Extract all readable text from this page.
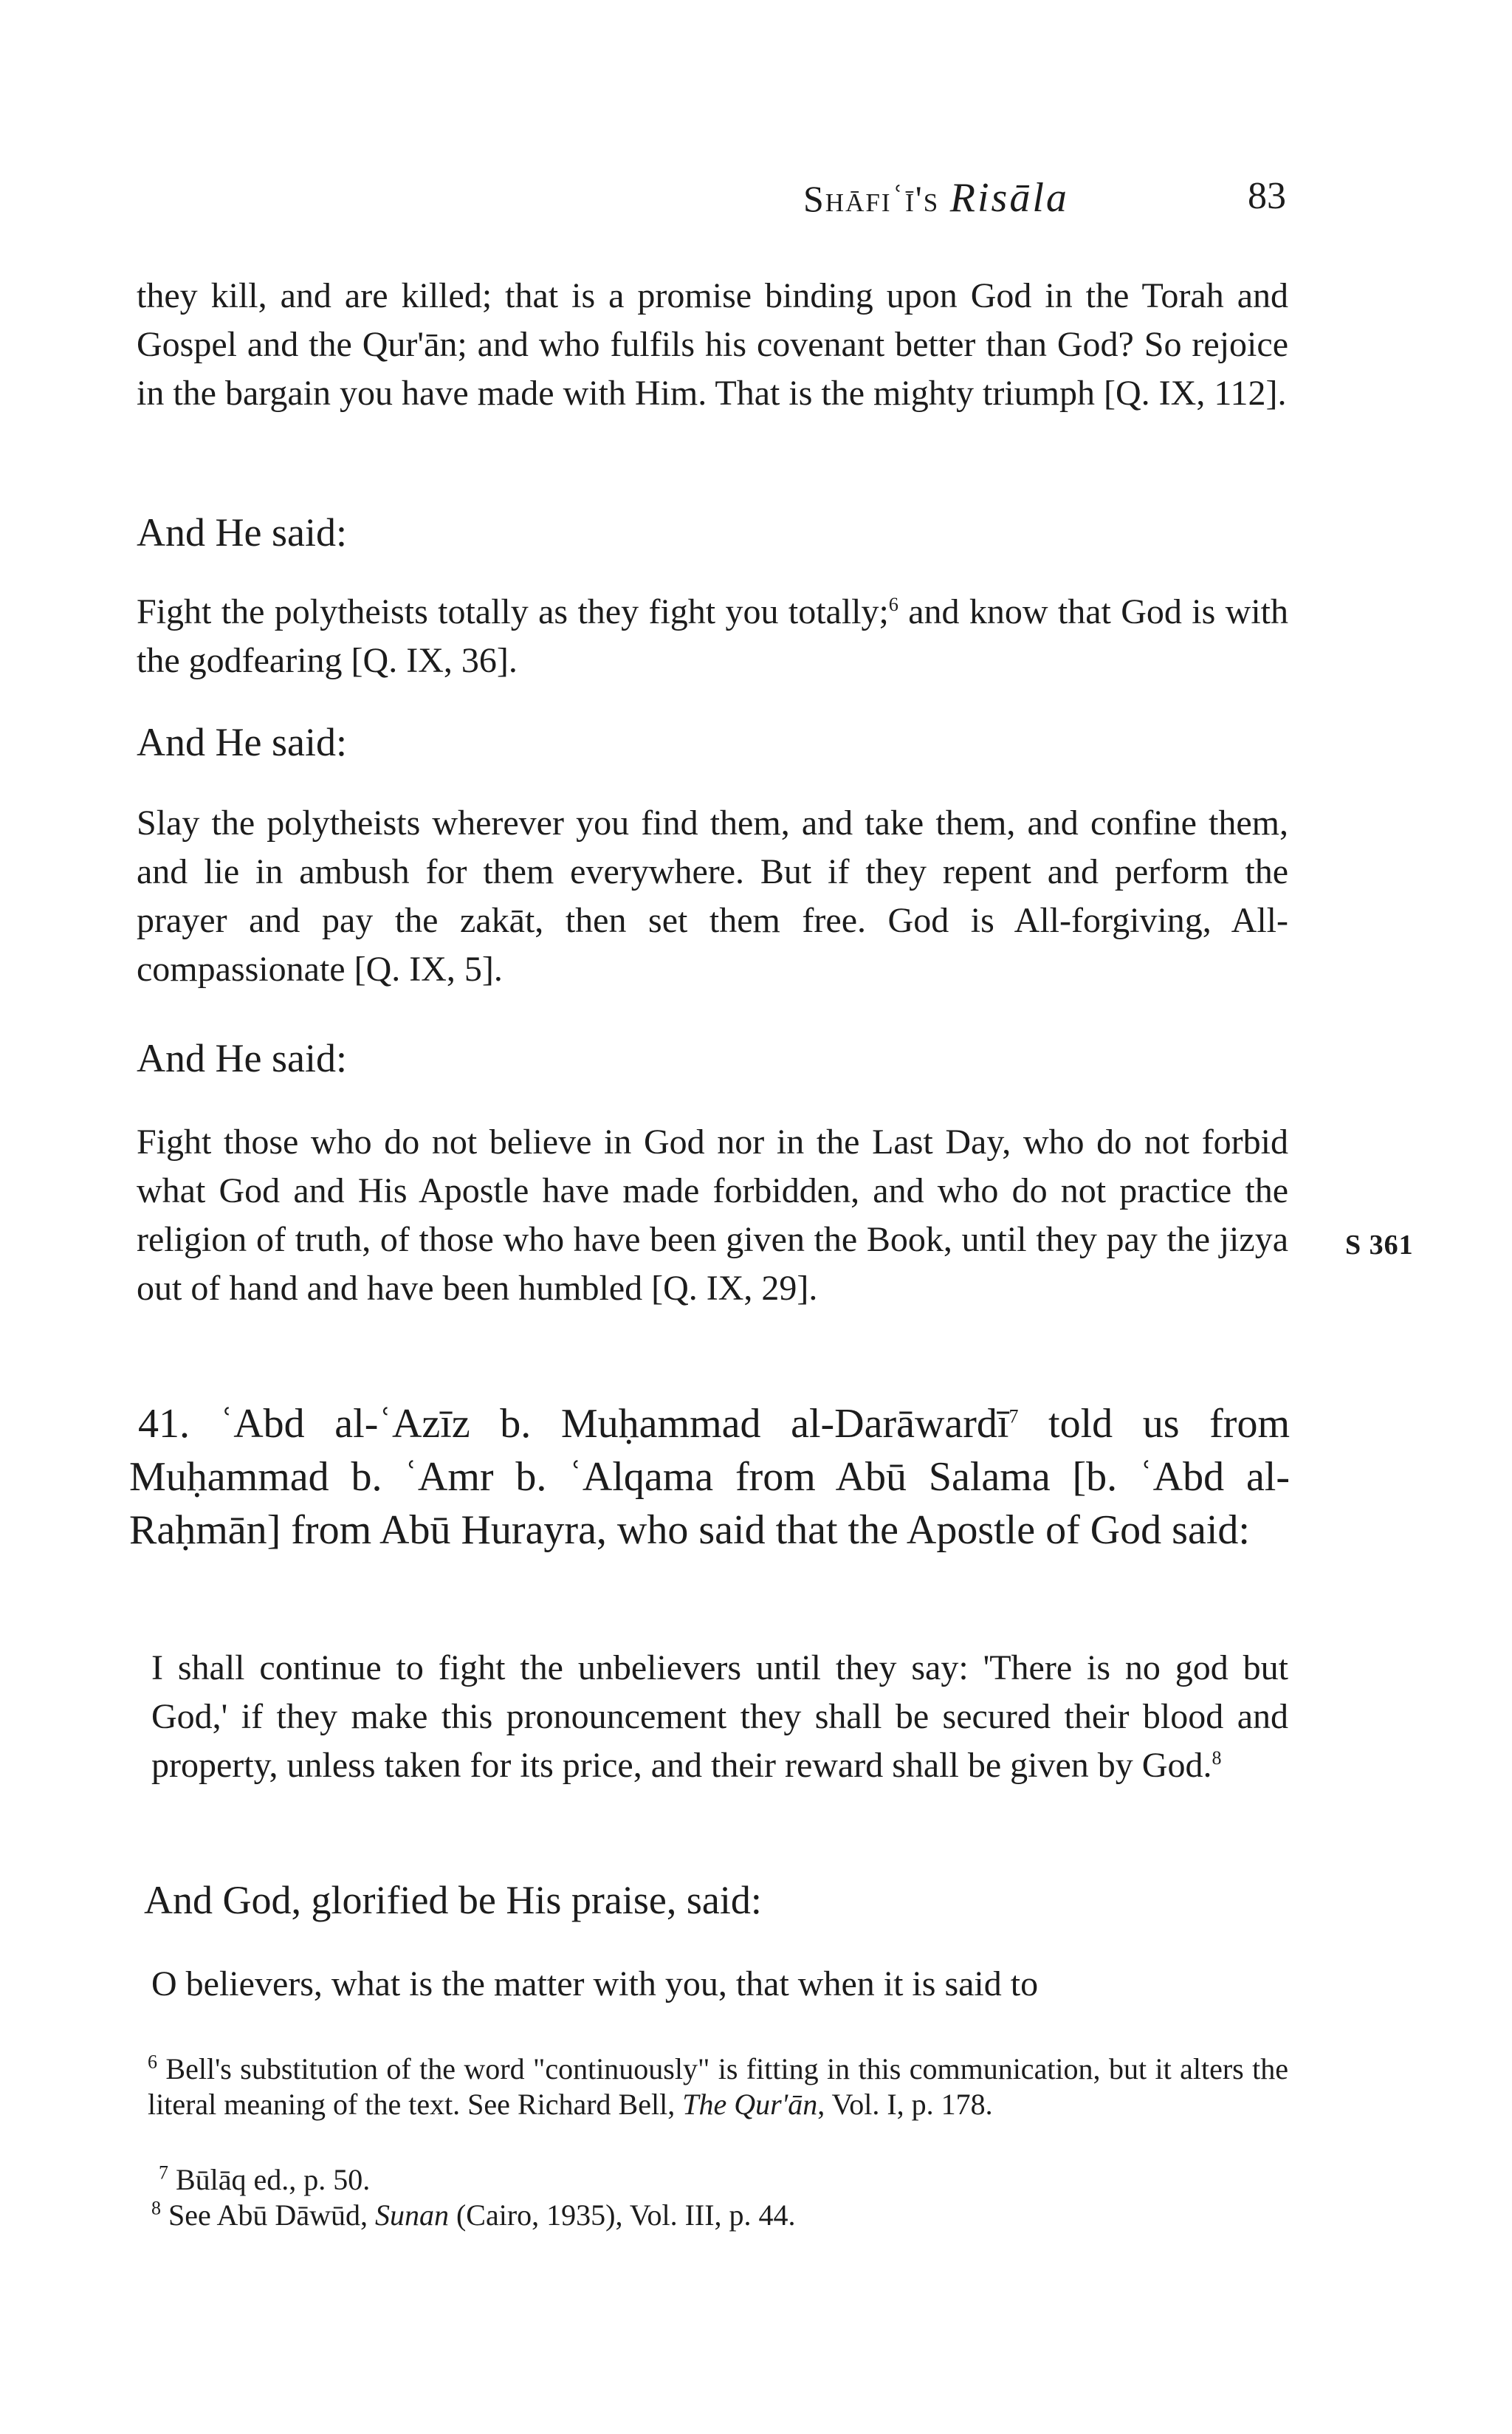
Shāfiʿī's Risāla	83
they kill, and are killed; that is a promise binding upon God in the Torah and Gospel and the Qur'ān; and who fulfils his covenant better than God? So rejoice in the bargain you have made with Him. That is the mighty triumph [Q. IX, 112].
And He said:
Fight the polytheists totally as they fight you totally;$^6$ and know that God is with the godfearing [Q. IX, 36].
And He said:
Slay the polytheists wherever you find them, and take them, and confine them, and lie in ambush for them everywhere. But if they repent and perform the prayer and pay the zakāt, then set them free. God is All-forgiving, All-compassionate [Q. IX, 5].
And He said:
Fight those who do not believe in God nor in the Last Day, who do not forbid what God and His Apostle have made forbidden, and who do not practice the religion of truth, of those who have been given the Book, until they pay the jizya out of hand and have been humbled [Q. IX, 29].
S 361
41. ʿAbd al-ʿAzīz b. Muḥammad al-Darāwardī$^7$ told us from Muḥammad b. ʿAmr b. ʿAlqama from Abū Salama [b. ʿAbd al-Raḥmān] from Abū Hurayra, who said that the Apostle of God said:
I shall continue to fight the unbelievers until they say: 'There is no god but God,' if they make this pronouncement they shall be secured their blood and property, unless taken for its price, and their reward shall be given by God.$^8$
And God, glorified be His praise, said:
O believers, what is the matter with you, that when it is said to
$^6$ Bell's substitution of the word "continuously" is fitting in this communication, but it alters the literal meaning of the text. See Richard Bell, The Qur'ān, Vol. I, p. 178.
$^7$ Būlāq ed., p. 50.
$^8$ See Abū Dāwūd, Sunan (Cairo, 1935), Vol. III, p. 44.
